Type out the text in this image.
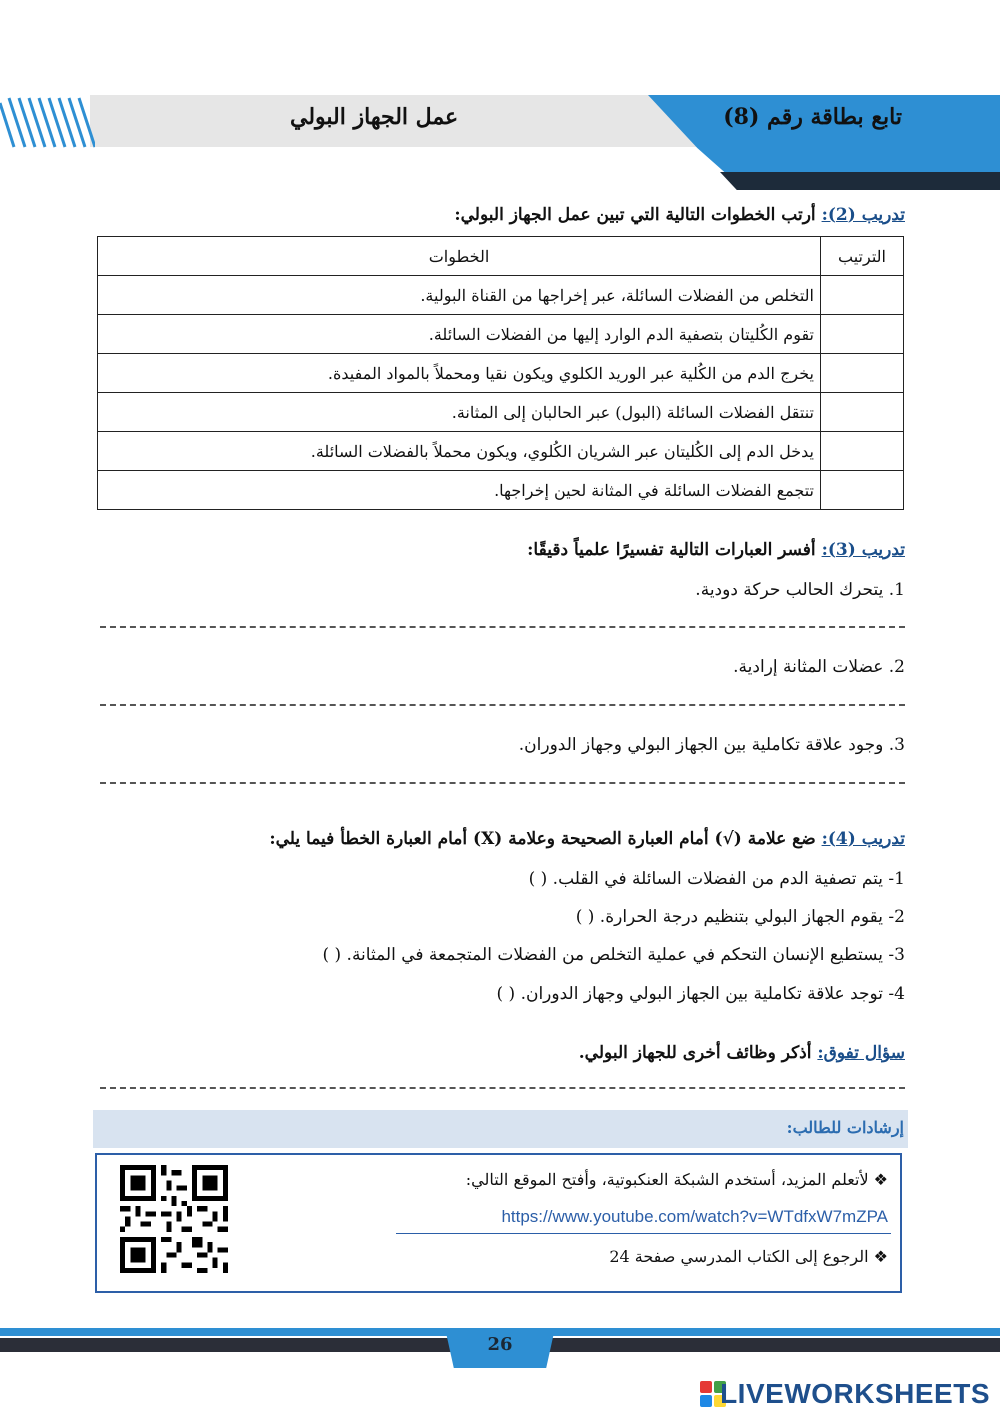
تابع بطاقة رقم (8)
عمل الجهاز البولي
تدريب (2): أرتب الخطوات التالية التي تبين عمل الجهاز البولي:
الترتيب	الخطوات
	التخلص من الفضلات السائلة، عبر إخراجها من القناة البولية.
	تقوم الكُليتان بتصفية الدم الوارد إليها من الفضلات السائلة.
	يخرج الدم من الكُلية عبر الوريد الكلوي ويكون نقيا ومحملاً بالمواد المفيدة.
	تنتقل الفضلات السائلة (البول) عبر الحالبان إلى المثانة.
	يدخل الدم إلى الكُليتان عبر الشريان الكُلوي، ويكون محملاً بالفضلات السائلة.
	تتجمع الفضلات السائلة في المثانة لحين إخراجها.
تدريب (3): أفسر العبارات التالية تفسيرًا علمياً دقيقًا:
1. يتحرك الحالب حركة دودية.
2. عضلات المثانة إرادية.
3. وجود علاقة تكاملية بين الجهاز البولي وجهاز الدوران.
تدريب (4): ضع علامة (√) أمام العبارة الصحيحة وعلامة (X) أمام العبارة الخطأ فيما يلي:
1- يتم تصفية الدم من الفضلات السائلة في القلب. ( )
2- يقوم الجهاز البولي بتنظيم درجة الحرارة. ( )
3- يستطيع الإنسان التحكم في عملية التخلص من الفضلات المتجمعة في المثانة. ( )
4- توجد علاقة تكاملية بين الجهاز البولي وجهاز الدوران. ( )
سؤال تفوق: أذكر وظائف أخرى للجهاز البولي.
إرشادات للطالب:
❖ لأتعلم المزيد، أستخدم الشبكة العنكبوتية، وأفتح الموقع التالي:
https://www.youtube.com/watch?v=WTdfxW7mZPA
❖ الرجوع إلى الكتاب المدرسي صفحة 24
26
LIVEWORKSHEETS
